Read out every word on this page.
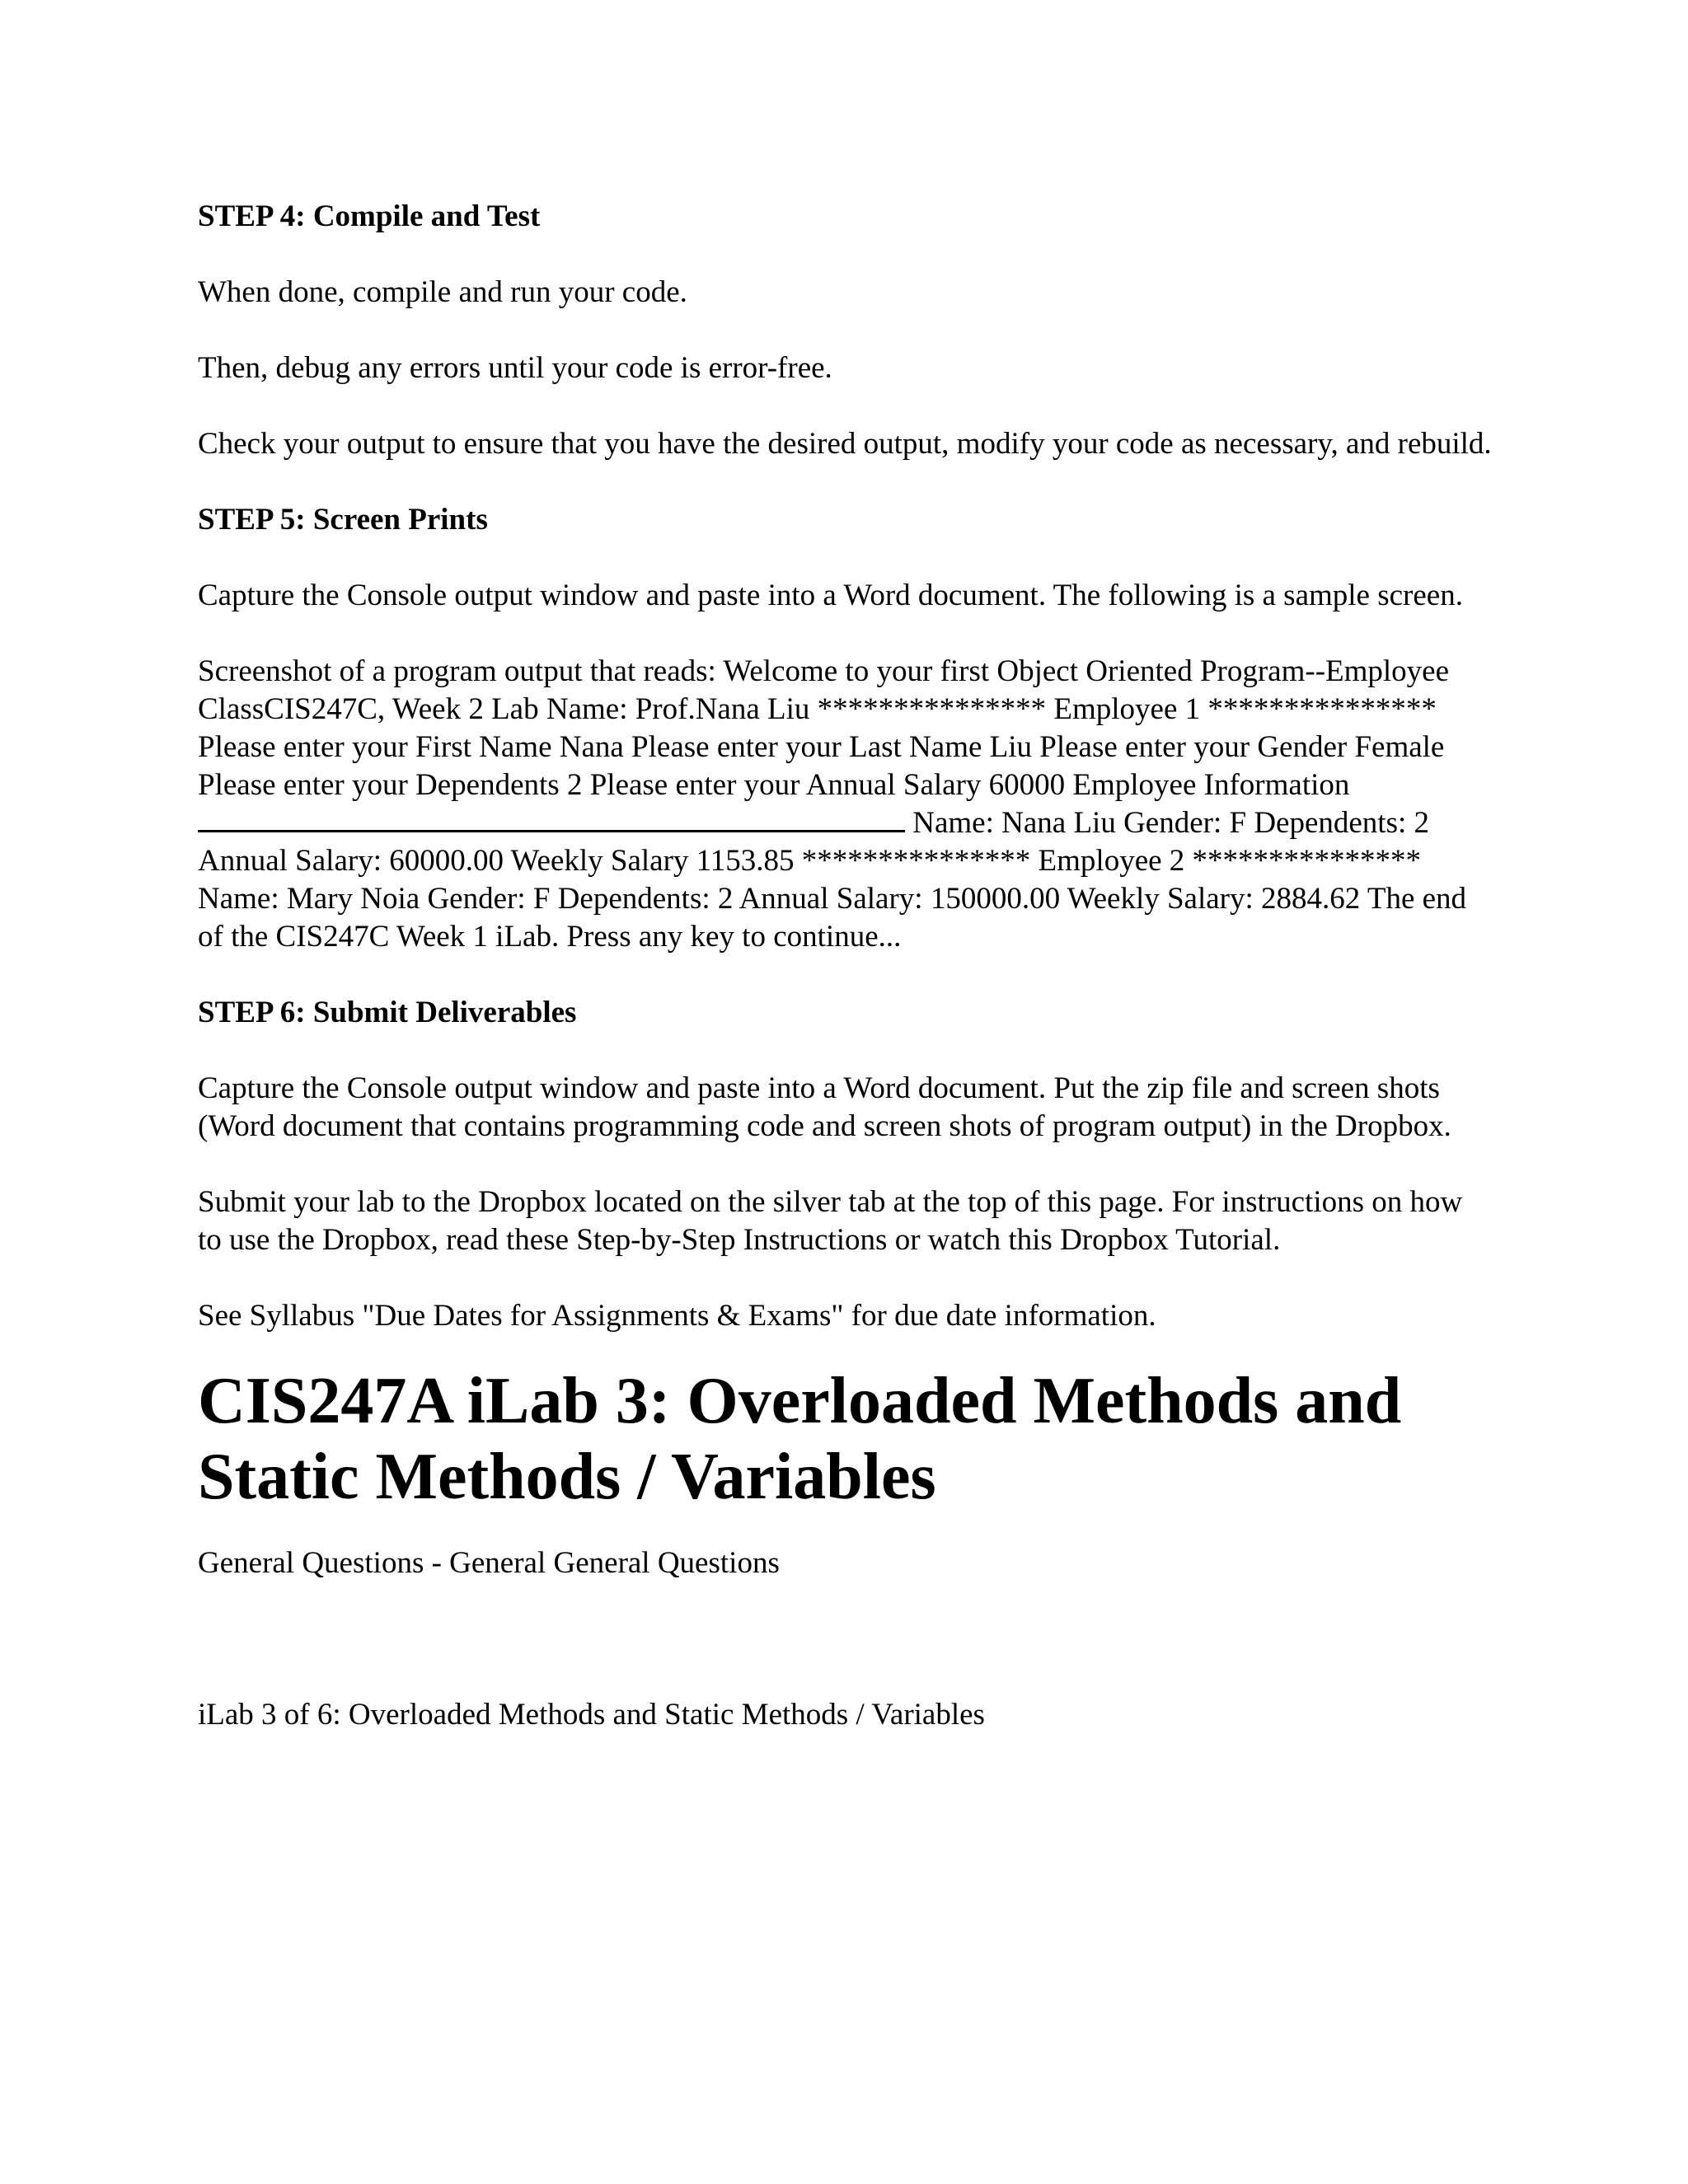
STEP 4: Compile and Test

When done, compile and run your code.

Then, debug any errors until your code is error-free.

Check your output to ensure that you have the desired output, modify your code as necessary, and rebuild.

STEP 5: Screen Prints

Capture the Console output window and paste into a Word document. The following is a sample screen.

Screenshot of a program output that reads: Welcome to your first Object Oriented Program--Employee ClassCIS247C, Week 2 Lab Name: Prof.Nana Liu *************** Employee 1 *************** Please enter your First Name Nana Please enter your Last Name Liu Please enter your Gender Female Please enter your Dependents 2 Please enter your Annual Salary 60000 Employee Information  Name: Nana Liu Gender: F Dependents: 2 Annual Salary: 60000.00 Weekly Salary 1153.85 *************** Employee 2 *************** Name: Mary Noia Gender: F Dependents: 2 Annual Salary: 150000.00 Weekly Salary: 2884.62 The end of the CIS247C Week 1 iLab. Press any key to continue...

STEP 6: Submit Deliverables

Capture the Console output window and paste into a Word document. Put the zip file and screen shots (Word document that contains programming code and screen shots of program output) in the Dropbox.

Submit your lab to the Dropbox located on the silver tab at the top of this page. For instructions on how to use the Dropbox, read these Step-by-Step Instructions or watch this Dropbox Tutorial.

See Syllabus "Due Dates for Assignments & Exams" for due date information.

CIS247A iLab 3: Overloaded Methods and Static Methods / Variables

General Questions - General General Questions

iLab 3 of 6: Overloaded Methods and Static Methods / Variables
